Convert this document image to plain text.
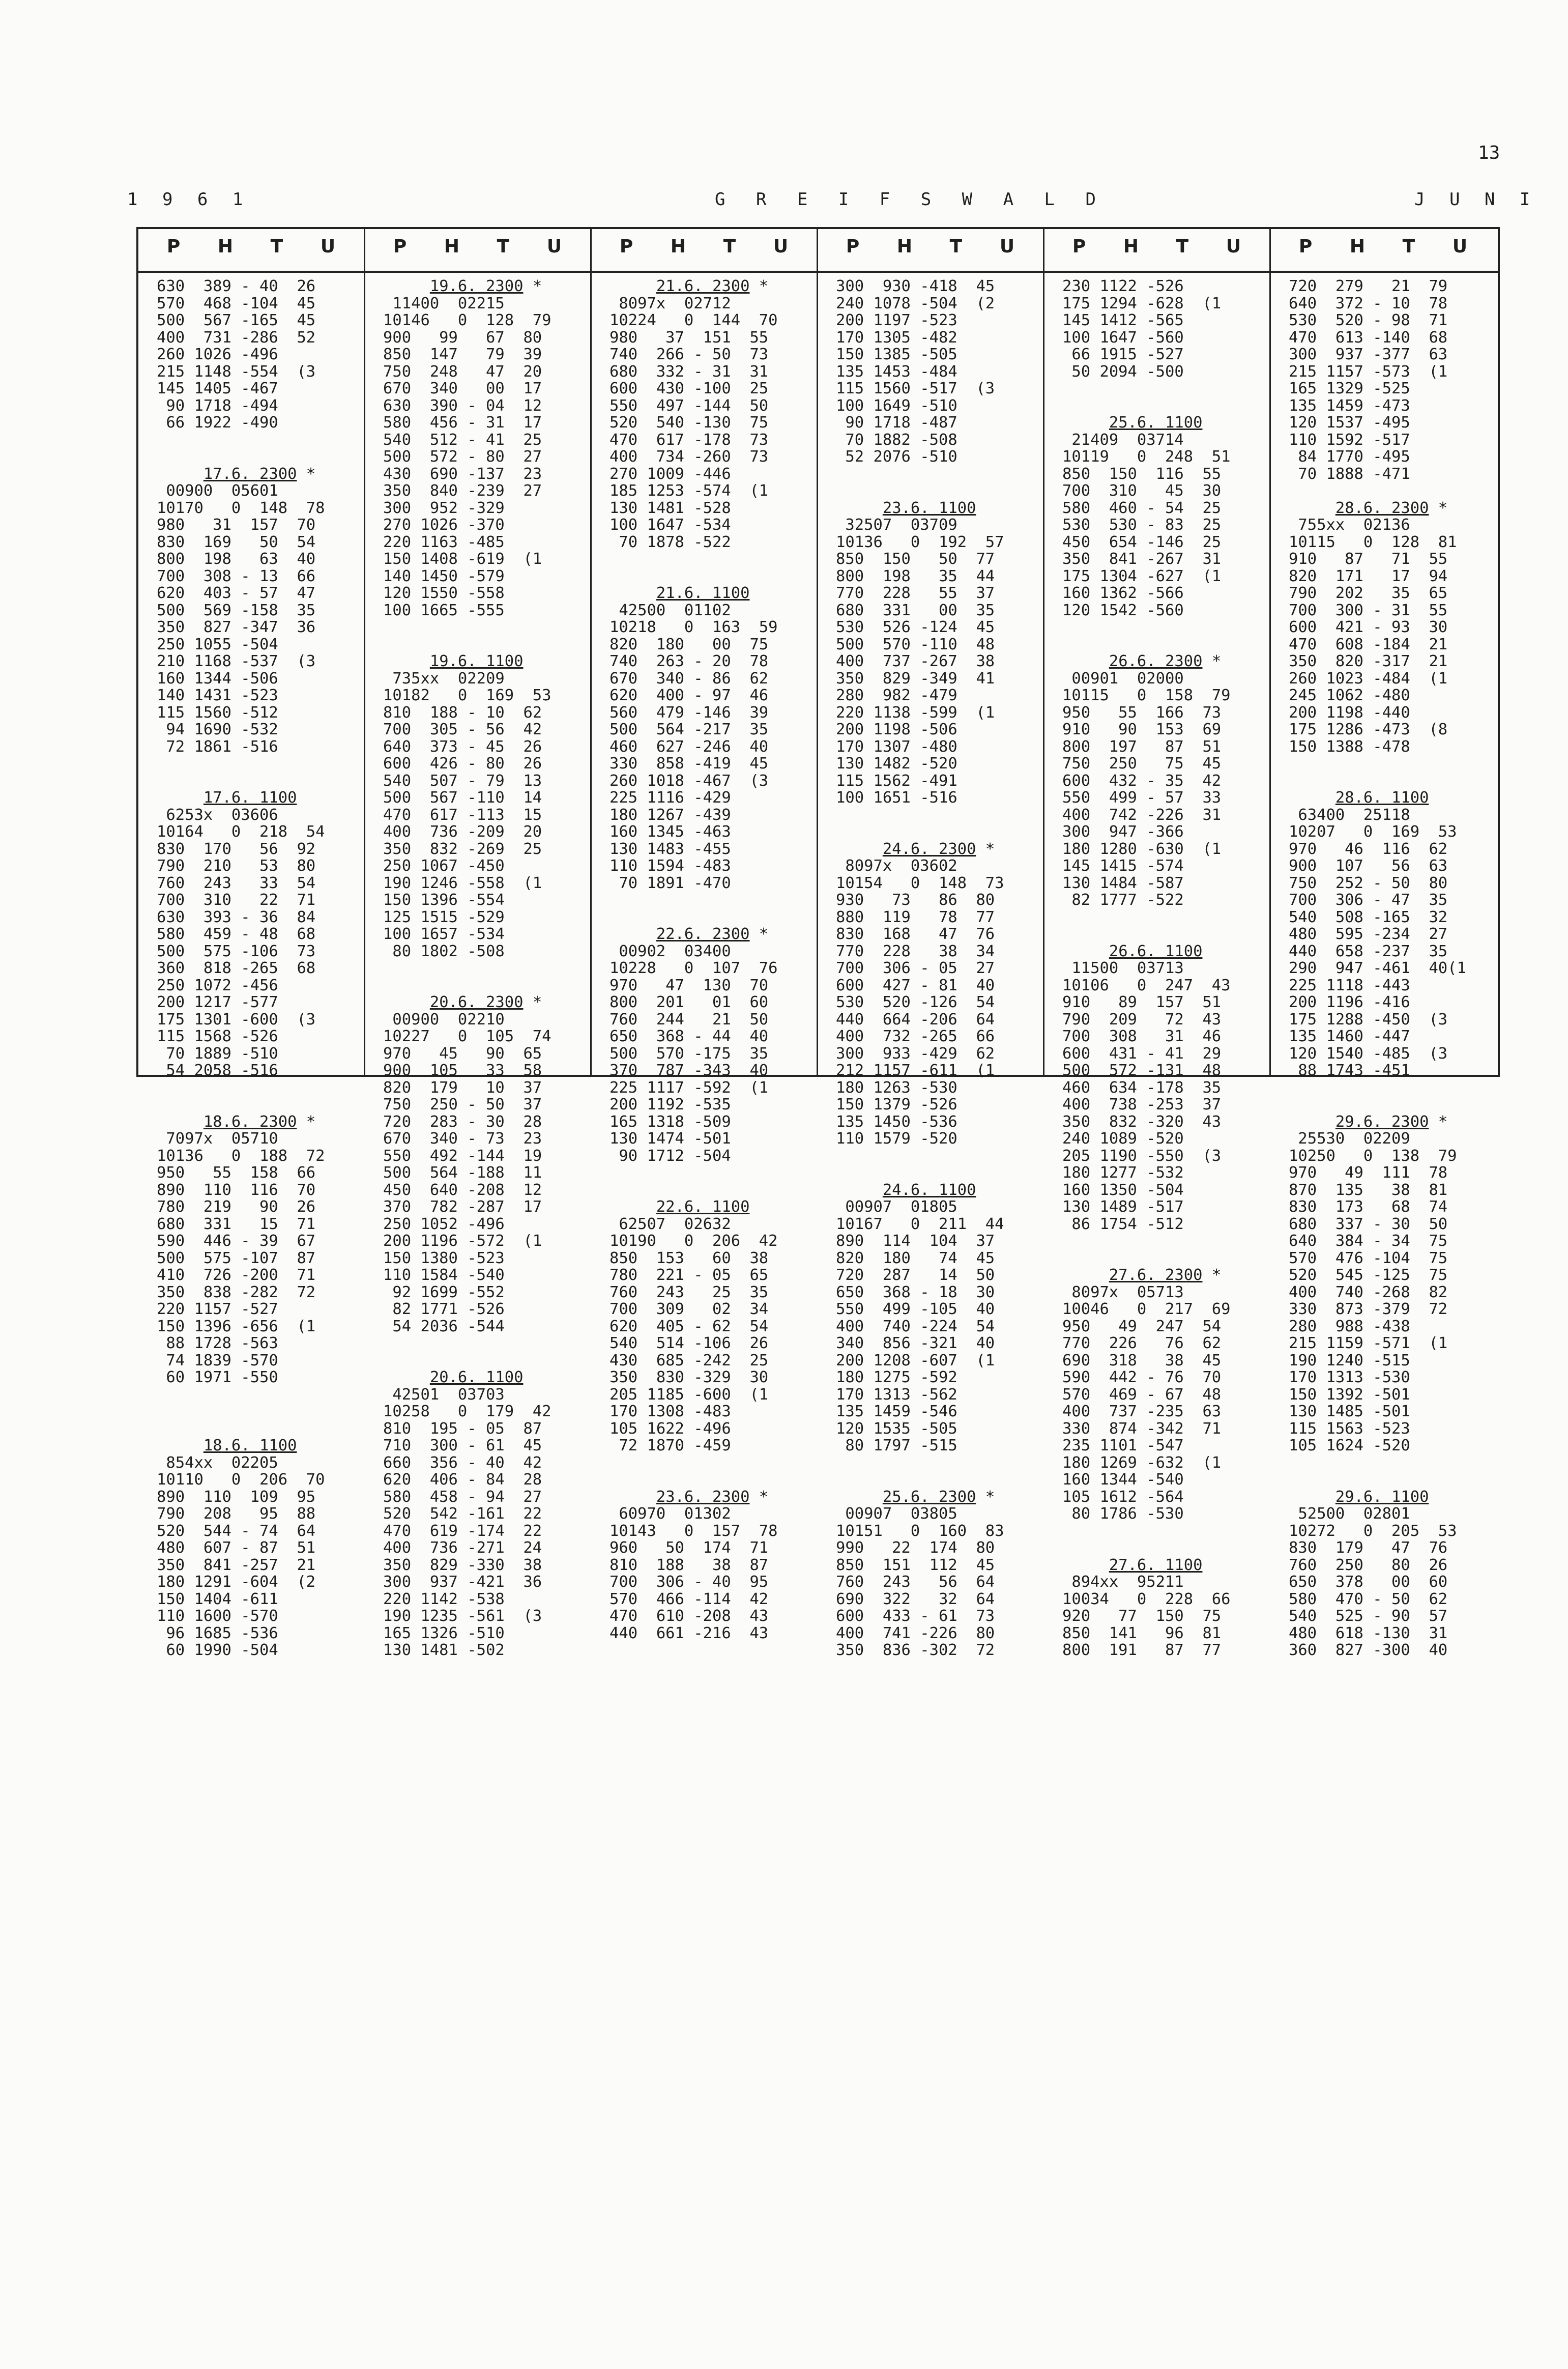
13
1 9 6 1	G R E I F S W A L D	J U N I
P H T U	P H T U	P H T U	P H T U	P H T U	P H T U
630  389 - 40  26
570  468 -104  45
500  567 -165  45
400  731 -286  52
260 1026 -496
215 1148 -554  (3
145 1405 -467
90 1718 -494
66 1922 -490
17.6. 2300 *
00900  05601
10170   0  148  78
980   31  157  70
830  169   50  54
800  198   63  40
700  308 - 13  66
620  403 - 57  47
500  569 -158  35
350  827 -347  36
250 1055 -504
210 1168 -537  (3
160 1344 -506
140 1431 -523
115 1560 -512
94 1690 -532
72 1861 -516
17.6. 1100
6253x  03606
10164   0  218  54
830  170   56  92
790  210   53  80
760  243   33  54
700  310   22  71
630  393 - 36  84
580  459 - 48  68
500  575 -106  73
360  818 -265  68
250 1072 -456
200 1217 -577
175 1301 -600  (3
115 1568 -526
70 1889 -510
54 2058 -516
18.6. 2300 *
7097x  05710
10136   0  188  72
950   55  158  66
890  110  116  70
780  219   90  26
680  331   15  71
590  446 - 39  67
500  575 -107  87
410  726 -200  71
350  838 -282  72
220 1157 -527
150 1396 -656  (1
88 1728 -563
74 1839 -570
60 1971 -550
18.6. 1100
854xx  02205
10110   0  206  70
890  110  109  95
790  208   95  88
520  544 - 74  64
480  607 - 87  51
350  841 -257  21
180 1291 -604  (2
150 1404 -611
110 1600 -570
96 1685 -536
60 1990 -504
19.6. 2300 *
11400  02215
10146   0  128  79
900   99   67  80
850  147   79  39
750  248   47  20
670  340   00  17
630  390 - 04  12
580  456 - 31  17
540  512 - 41  25
500  572 - 80  27
430  690 -137  23
350  840 -239  27
300  952 -329
270 1026 -370
220 1163 -485
150 1408 -619  (1
140 1450 -579
120 1550 -558
100 1665 -555
19.6. 1100
735xx  02209
10182   0  169  53
810  188 - 10  62
700  305 - 56  42
640  373 - 45  26
600  426 - 80  26
540  507 - 79  13
500  567 -110  14
470  617 -113  15
400  736 -209  20
350  832 -269  25
250 1067 -450
190 1246 -558  (1
150 1396 -554
125 1515 -529
100 1657 -534
80 1802 -508
20.6. 2300 *
00900  02210
10227   0  105  74
970   45   90  65
900  105   33  58
820  179   10  37
750  250 - 50  37
720  283 - 30  28
670  340 - 73  23
550  492 -144  19
500  564 -188  11
450  640 -208  12
370  782 -287  17
250 1052 -496
200 1196 -572  (1
150 1380 -523
110 1584 -540
92 1699 -552
82 1771 -526
54 2036 -544
20.6. 1100
42501  03703
10258   0  179  42
810  195 - 05  87
710  300 - 61  45
660  356 - 40  42
620  406 - 84  28
580  458 - 94  27
520  542 -161  22
470  619 -174  22
400  736 -271  24
350  829 -330  38
300  937 -421  36
220 1142 -538
190 1235 -561  (3
165 1326 -510
130 1481 -502
21.6. 2300 *
8097x  02712
10224   0  144  70
980   37  151  55
740  266 - 50  73
680  332 - 31  31
600  430 -100  25
550  497 -144  50
520  540 -130  75
470  617 -178  73
400  734 -260  73
270 1009 -446
185 1253 -574  (1
130 1481 -528
100 1647 -534
70 1878 -522
21.6. 1100
42500  01102
10218   0  163  59
820  180   00  75
740  263 - 20  78
670  340 - 86  62
620  400 - 97  46
560  479 -146  39
500  564 -217  35
460  627 -246  40
330  858 -419  45
260 1018 -467  (3
225 1116 -429
180 1267 -439
160 1345 -463
130 1483 -455
110 1594 -483
70 1891 -470
22.6. 2300 *
00902  03400
10228   0  107  76
970   47  130  70
800  201   01  60
760  244   21  50
650  368 - 44  40
500  570 -175  35
370  787 -343  40
225 1117 -592  (1
200 1192 -535
165 1318 -509
130 1474 -501
90 1712 -504
22.6. 1100
62507  02632
10190   0  206  42
850  153   60  38
780  221 - 05  65
760  243   25  35
700  309   02  34
620  405 - 62  54
540  514 -106  26
430  685 -242  25
350  830 -329  30
205 1185 -600  (1
170 1308 -483
105 1622 -496
72 1870 -459
23.6. 2300 *
60970  01302
10143   0  157  78
960   50  174  71
810  188   38  87
700  306 - 40  95
570  466 -114  42
470  610 -208  43
440  661 -216  43
300  930 -418  45
240 1078 -504  (2
200 1197 -523
170 1305 -482
150 1385 -505
135 1453 -484
115 1560 -517  (3
100 1649 -510
90 1718 -487
70 1882 -508
52 2076 -510
23.6. 1100
32507  03709
10136   0  192  57
850  150   50  77
800  198   35  44
770  228   55  37
680  331   00  35
530  526 -124  45
500  570 -110  48
400  737 -267  38
350  829 -349  41
280  982 -479
220 1138 -599  (1
200 1198 -506
170 1307 -480
130 1482 -520
115 1562 -491
100 1651 -516
24.6. 2300 *
8097x  03602
10154   0  148  73
930   73   86  80
880  119   78  77
830  168   47  76
770  228   38  34
700  306 - 05  27
600  427 - 81  40
530  520 -126  54
440  664 -206  64
400  732 -265  66
300  933 -429  62
212 1157 -611  (1
180 1263 -530
150 1379 -526
135 1450 -536
110 1579 -520
24.6. 1100
00907  01805
10167   0  211  44
890  114  104  37
820  180   74  45
720  287   14  50
650  368 - 18  30
550  499 -105  40
400  740 -224  54
340  856 -321  40
200 1208 -607  (1
180 1275 -592
170 1313 -562
135 1459 -546
120 1535 -505
80 1797 -515
25.6. 2300 *
00907  03805
10151   0  160  83
990   22  174  80
850  151  112  45
760  243   56  64
690  322   32  64
600  433 - 61  73
400  741 -226  80
350  836 -302  72
230 1122 -526
175 1294 -628  (1
145 1412 -565
100 1647 -560
66 1915 -527
50 2094 -500
25.6. 1100
21409  03714
10119   0  248  51
850  150  116  55
700  310   45  30
580  460 - 54  25
530  530 - 83  25
450  654 -146  25
350  841 -267  31
175 1304 -627  (1
160 1362 -566
120 1542 -560
26.6. 2300 *
00901  02000
10115   0  158  79
950   55  166  73
910   90  153  69
800  197   87  51
750  250   75  45
600  432 - 35  42
550  499 - 57  33
400  742 -226  31
300  947 -366
180 1280 -630  (1
145 1415 -574
130 1484 -587
82 1777 -522
26.6. 1100
11500  03713
10106   0  247  43
910   89  157  51
790  209   72  43
700  308   31  46
600  431 - 41  29
500  572 -131  48
460  634 -178  35
400  738 -253  37
350  832 -320  43
240 1089 -520
205 1190 -550  (3
180 1277 -532
160 1350 -504
130 1489 -517
86 1754 -512
27.6. 2300 *
8097x  05713
10046   0  217  69
950   49  247  54
770  226   76  62
690  318   38  45
590  442 - 76  70
570  469 - 67  48
400  737 -235  63
330  874 -342  71
235 1101 -547
180 1269 -632  (1
160 1344 -540
105 1612 -564
80 1786 -530
27.6. 1100
894xx  95211
10034   0  228  66
920   77  150  75
850  141   96  81
800  191   87  77
720  279   21  79
640  372 - 10  78
530  520 - 98  71
470  613 -140  68
300  937 -377  63
215 1157 -573  (1
165 1329 -525
135 1459 -473
120 1537 -495
110 1592 -517
84 1770 -495
70 1888 -471
28.6. 2300 *
755xx  02136
10115   0  128  81
910   87   71  55
820  171   17  94
790  202   35  65
700  300 - 31  55
600  421 - 93  30
470  608 -184  21
350  820 -317  21
260 1023 -484  (1
245 1062 -480
200 1198 -440
175 1286 -473  (8
150 1388 -478
28.6. 1100
63400  25118
10207   0  169  53
970   46  116  62
900  107   56  63
750  252 - 50  80
700  306 - 47  35
540  508 -165  32
480  595 -234  27
440  658 -237  35
290  947 -461  40(1
225 1118 -443
200 1196 -416
175 1288 -450  (3
135 1460 -447
120 1540 -485  (3
88 1743 -451
29.6. 2300 *
25530  02209
10250   0  138  79
970   49  111  78
870  135   38  81
830  173   68  74
680  337 - 30  50
640  384 - 34  75
570  476 -104  75
520  545 -125  75
400  740 -268  82
330  873 -379  72
280  988 -438
215 1159 -571  (1
190 1240 -515
170 1313 -530
150 1392 -501
130 1485 -501
115 1563 -523
105 1624 -520
29.6. 1100
52500  02801
10272   0  205  53
830  179   47  76
760  250   80  26
650  378   00  60
580  470 - 50  62
540  525 - 90  57
480  618 -130  31
360  827 -300  40
